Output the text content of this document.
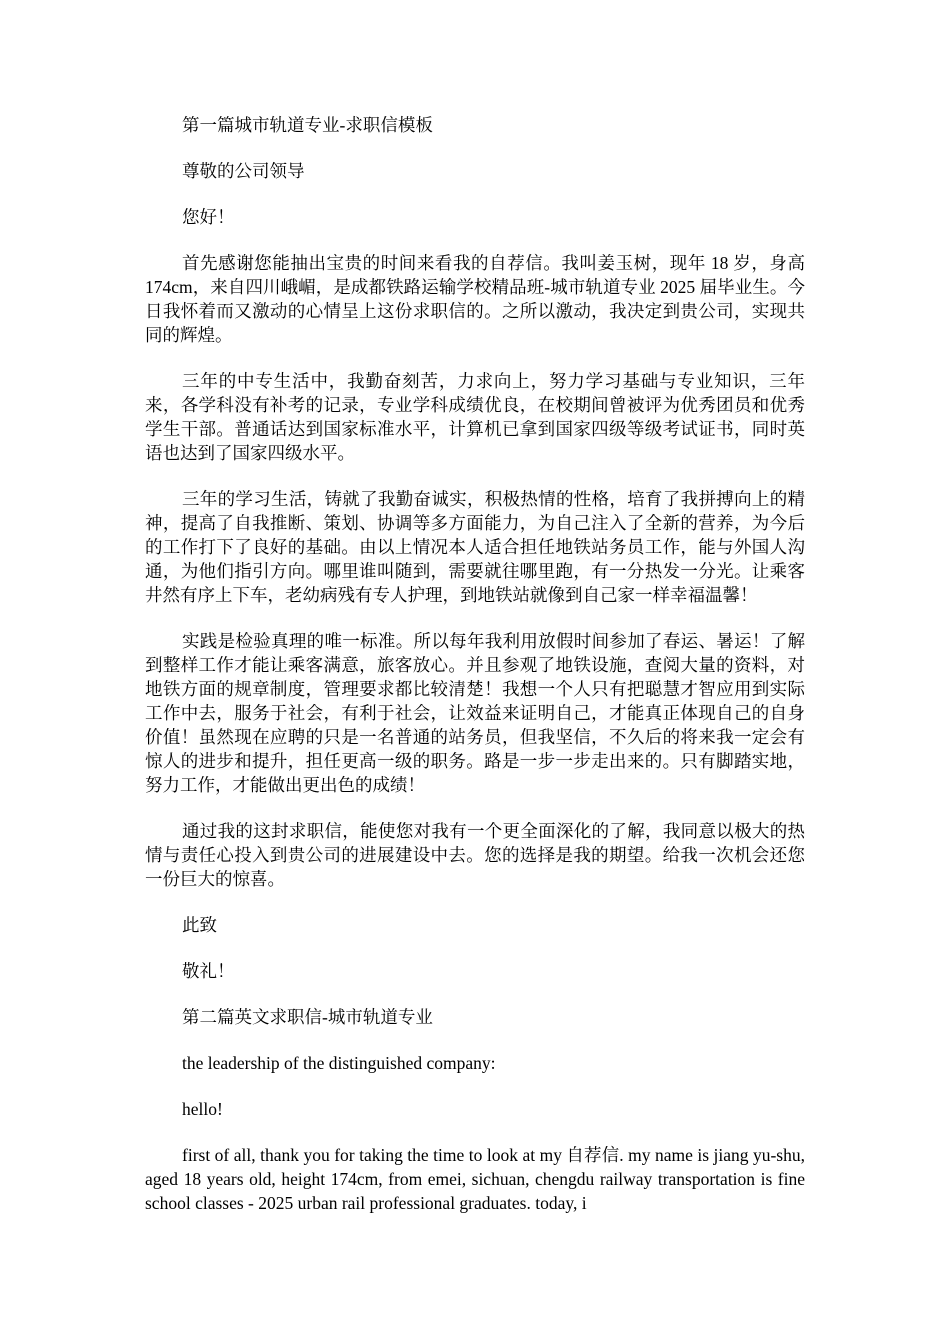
第一篇城市轨道专业-求职信模板

尊敬的公司领导

您好！

首先感谢您能抽出宝贵的时间来看我的自荐信。我叫姜玉树，现年 18 岁，身高 174cm，来自四川峨嵋，是成都铁路运输学校精品班-城市轨道专业 2025 届毕业生。今日我怀着而又激动的心情呈上这份求职信的。之所以激动，我决定到贵公司，实现共同的辉煌。

三年的中专生活中，我勤奋刻苦，力求向上，努力学习基础与专业知识，三年来，各学科没有补考的记录，专业学科成绩优良，在校期间曾被评为优秀团员和优秀学生干部。普通话达到国家标准水平，计算机已拿到国家四级等级考试证书，同时英语也达到了国家四级水平。

三年的学习生活，铸就了我勤奋诚实，积极热情的性格，培育了我拼搏向上的精神，提高了自我推断、策划、协调等多方面能力，为自己注入了全新的营养，为今后的工作打下了良好的基础。由以上情况本人适合担任地铁站务员工作，能与外国人沟通，为他们指引方向。哪里谁叫随到，需要就往哪里跑，有一分热发一分光。让乘客井然有序上下车，老幼病残有专人护理，到地铁站就像到自己家一样幸福温馨！

实践是检验真理的唯一标准。所以每年我利用放假时间参加了春运、暑运！了解到整样工作才能让乘客满意，旅客放心。并且参观了地铁设施，查阅大量的资料，对地铁方面的规章制度，管理要求都比较清楚！我想一个人只有把聪慧才智应用到实际工作中去，服务于社会，有利于社会，让效益来证明自己，才能真正体现自己的自身价值！虽然现在应聘的只是一名普通的站务员，但我坚信，不久后的将来我一定会有惊人的进步和提升，担任更高一级的职务。路是一步一步走出来的。只有脚踏实地，努力工作，才能做出更出色的成绩！

通过我的这封求职信，能使您对我有一个更全面深化的了解，我同意以极大的热情与责任心投入到贵公司的进展建设中去。您的选择是我的期望。给我一次机会还您一份巨大的惊喜。

此致

敬礼！

第二篇英文求职信-城市轨道专业

the leadership of the distinguished company:

hello!

first of all, thank you for taking the time to look at my 自荐信. my name is jiang yu-shu, aged 18 years old, height 174cm, from emei, sichuan, chengdu railway transportation is fine school classes - 2025 urban rail professional graduates. today, i
